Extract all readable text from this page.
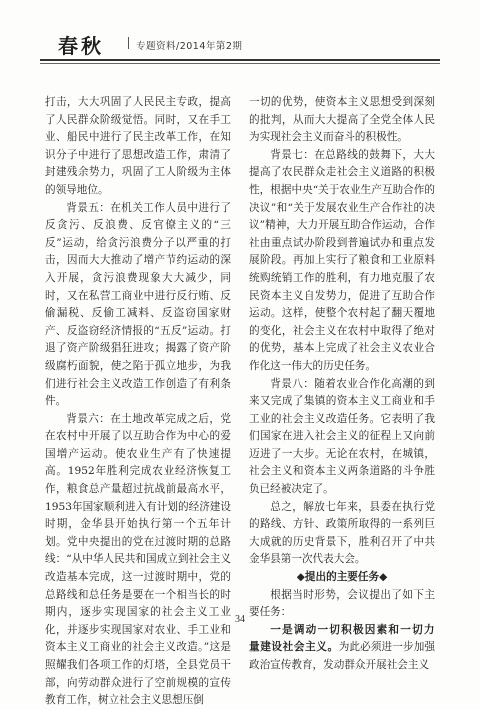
春秋	专题资料/2014年第2期

打击，大大巩固了人民民主专政，提高了人民群众阶级觉悟。同时，又在手工业、船民中进行了民主改革工作，在知识分子中进行了思想改造工作，肃清了封建残余势力，巩固了工人阶级为主体的领导地位。

背景五：在机关工作人员中进行了反贪污、反浪费、反官僚主义的“三反”运动，给贪污浪费分子以严重的打击，因而大大推动了增产节约运动的深入开展，贪污浪费现象大大减少，同时，又在私营工商业中进行反行贿、反偷漏税、反偷工减料、反盗窃国家财产、反盗窃经济情报的“五反”运动。打退了资产阶级猖狂进攻；揭露了资产阶级腐朽面貌，使之陷于孤立地步，为我们进行社会主义改造工作创造了有利条件。

背景六：在土地改革完成之后，党在农村中开展了以互助合作为中心的爱国增产运动。使农业生产有了快速提高。1952年胜利完成农业经济恢复工作，粮食总产量超过抗战前最高水平，1953年国家顺利进入有计划的经济建设时期，金华县开始执行第一个五年计划。党中央提出的党在过渡时期的总路线：“从中华人民共和国成立到社会主义改造基本完成，这一过渡时期中，党的总路线和总任务是要在一个相当长的时期内，逐步实现国家的社会主义工业化，并逐步实现国家对农业、手工业和资本主义工商业的社会主义改造。”这是照耀我们各项工作的灯塔，全县党员干部，向劳动群众进行了空前规模的宣传教育工作，树立社会主义思想压倒

一切的优势，使资本主义思想受到深刻的批判，从而大大提高了全党全体人民为实现社会主义而奋斗的积极性。

背景七：在总路线的鼓舞下，大大提高了农民群众走社会主义道路的积极性，根据中央“关于农业生产互助合作的决议”和“关于发展农业生产合作社的决议”精神，大力开展互助合作运动，合作社由重点试办阶段到普遍试办和重点发展阶段。再加上实行了粮食和工业原料统购统销工作的胜利，有力地克服了农民资本主义自发势力，促进了互助合作运动。这样，使整个农村起了翻天覆地的变化，社会主义在农村中取得了绝对的优势，基本上完成了社会主义农业合作化这一伟大的历史任务。

背景八：随着农业合作化高潮的到来又完成了集镇的资本主义工商业和手工业的社会主义改造任务。它表明了我们国家在进入社会主义的征程上又向前迈进了一大步。无论在农村，在城镇，社会主义和资本主义两条道路的斗争胜负已经被决定了。

总之，解放七年来，县委在执行党的路线、方针、政策所取得的一系列巨大成就的历史背景下，胜利召开了中共金华县第一次代表大会。

◆提出的主要任务◆

根据当时形势，会议提出了如下主要任务：

一是调动一切积极因素和一切力量建设社会主义。为此必须进一步加强政治宣传教育，发动群众开展社会主义

34
